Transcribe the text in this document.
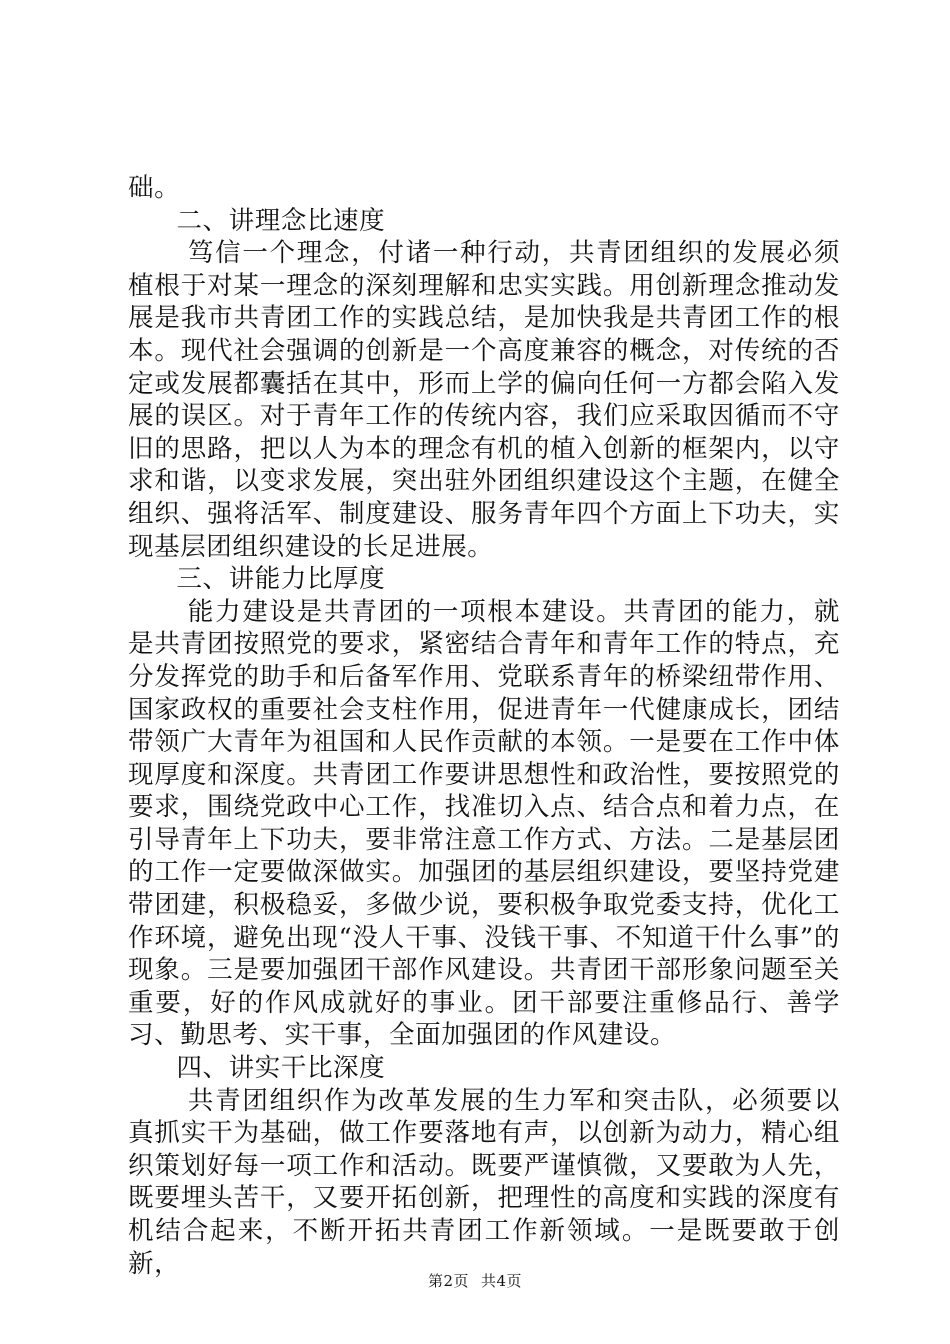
础。

二、讲理念比速度

笃信一个理念，付诸一种行动，共青团组织的发展必须植根于对某一理念的深刻理解和忠实实践。用创新理念推动发展是我市共青团工作的实践总结，是加快我是共青团工作的根本。现代社会强调的创新是一个高度兼容的概念，对传统的否定或发展都囊括在其中，形而上学的偏向任何一方都会陷入发展的误区。对于青年工作的传统内容，我们应采取因循而不守旧的思路，把以人为本的理念有机的植入创新的框架内，以守求和谐，以变求发展，突出驻外团组织建设这个主题，在健全组织、强将活军、制度建设、服务青年四个方面上下功夫，实现基层团组织建设的长足进展。

三、讲能力比厚度

能力建设是共青团的一项根本建设。共青团的能力，就是共青团按照党的要求，紧密结合青年和青年工作的特点，充分发挥党的助手和后备军作用、党联系青年的桥梁纽带作用、国家政权的重要社会支柱作用，促进青年一代健康成长，团结带领广大青年为祖国和人民作贡献的本领。一是要在工作中体现厚度和深度。共青团工作要讲思想性和政治性，要按照党的要求，围绕党政中心工作，找准切入点、结合点和着力点，在引导青年上下功夫，要非常注意工作方式、方法。二是基层团的工作一定要做深做实。加强团的基层组织建设，要坚持党建带团建，积极稳妥，多做少说，要积极争取党委支持，优化工作环境，避免出现“没人干事、没钱干事、不知道干什么事”的现象。三是要加强团干部作风建设。共青团干部形象问题至关重要，好的作风成就好的事业。团干部要注重修品行、善学习、勤思考、实干事，全面加强团的作风建设。

四、讲实干比深度

共青团组织作为改革发展的生力军和突击队，必须要以真抓实干为基础，做工作要落地有声，以创新为动力，精心组织策划好每一项工作和活动。既要严谨慎微，又要敢为人先，既要埋头苦干，又要开拓创新，把理性的高度和实践的深度有机结合起来，不断开拓共青团工作新领域。一是既要敢于创新，

第2页 共4页
